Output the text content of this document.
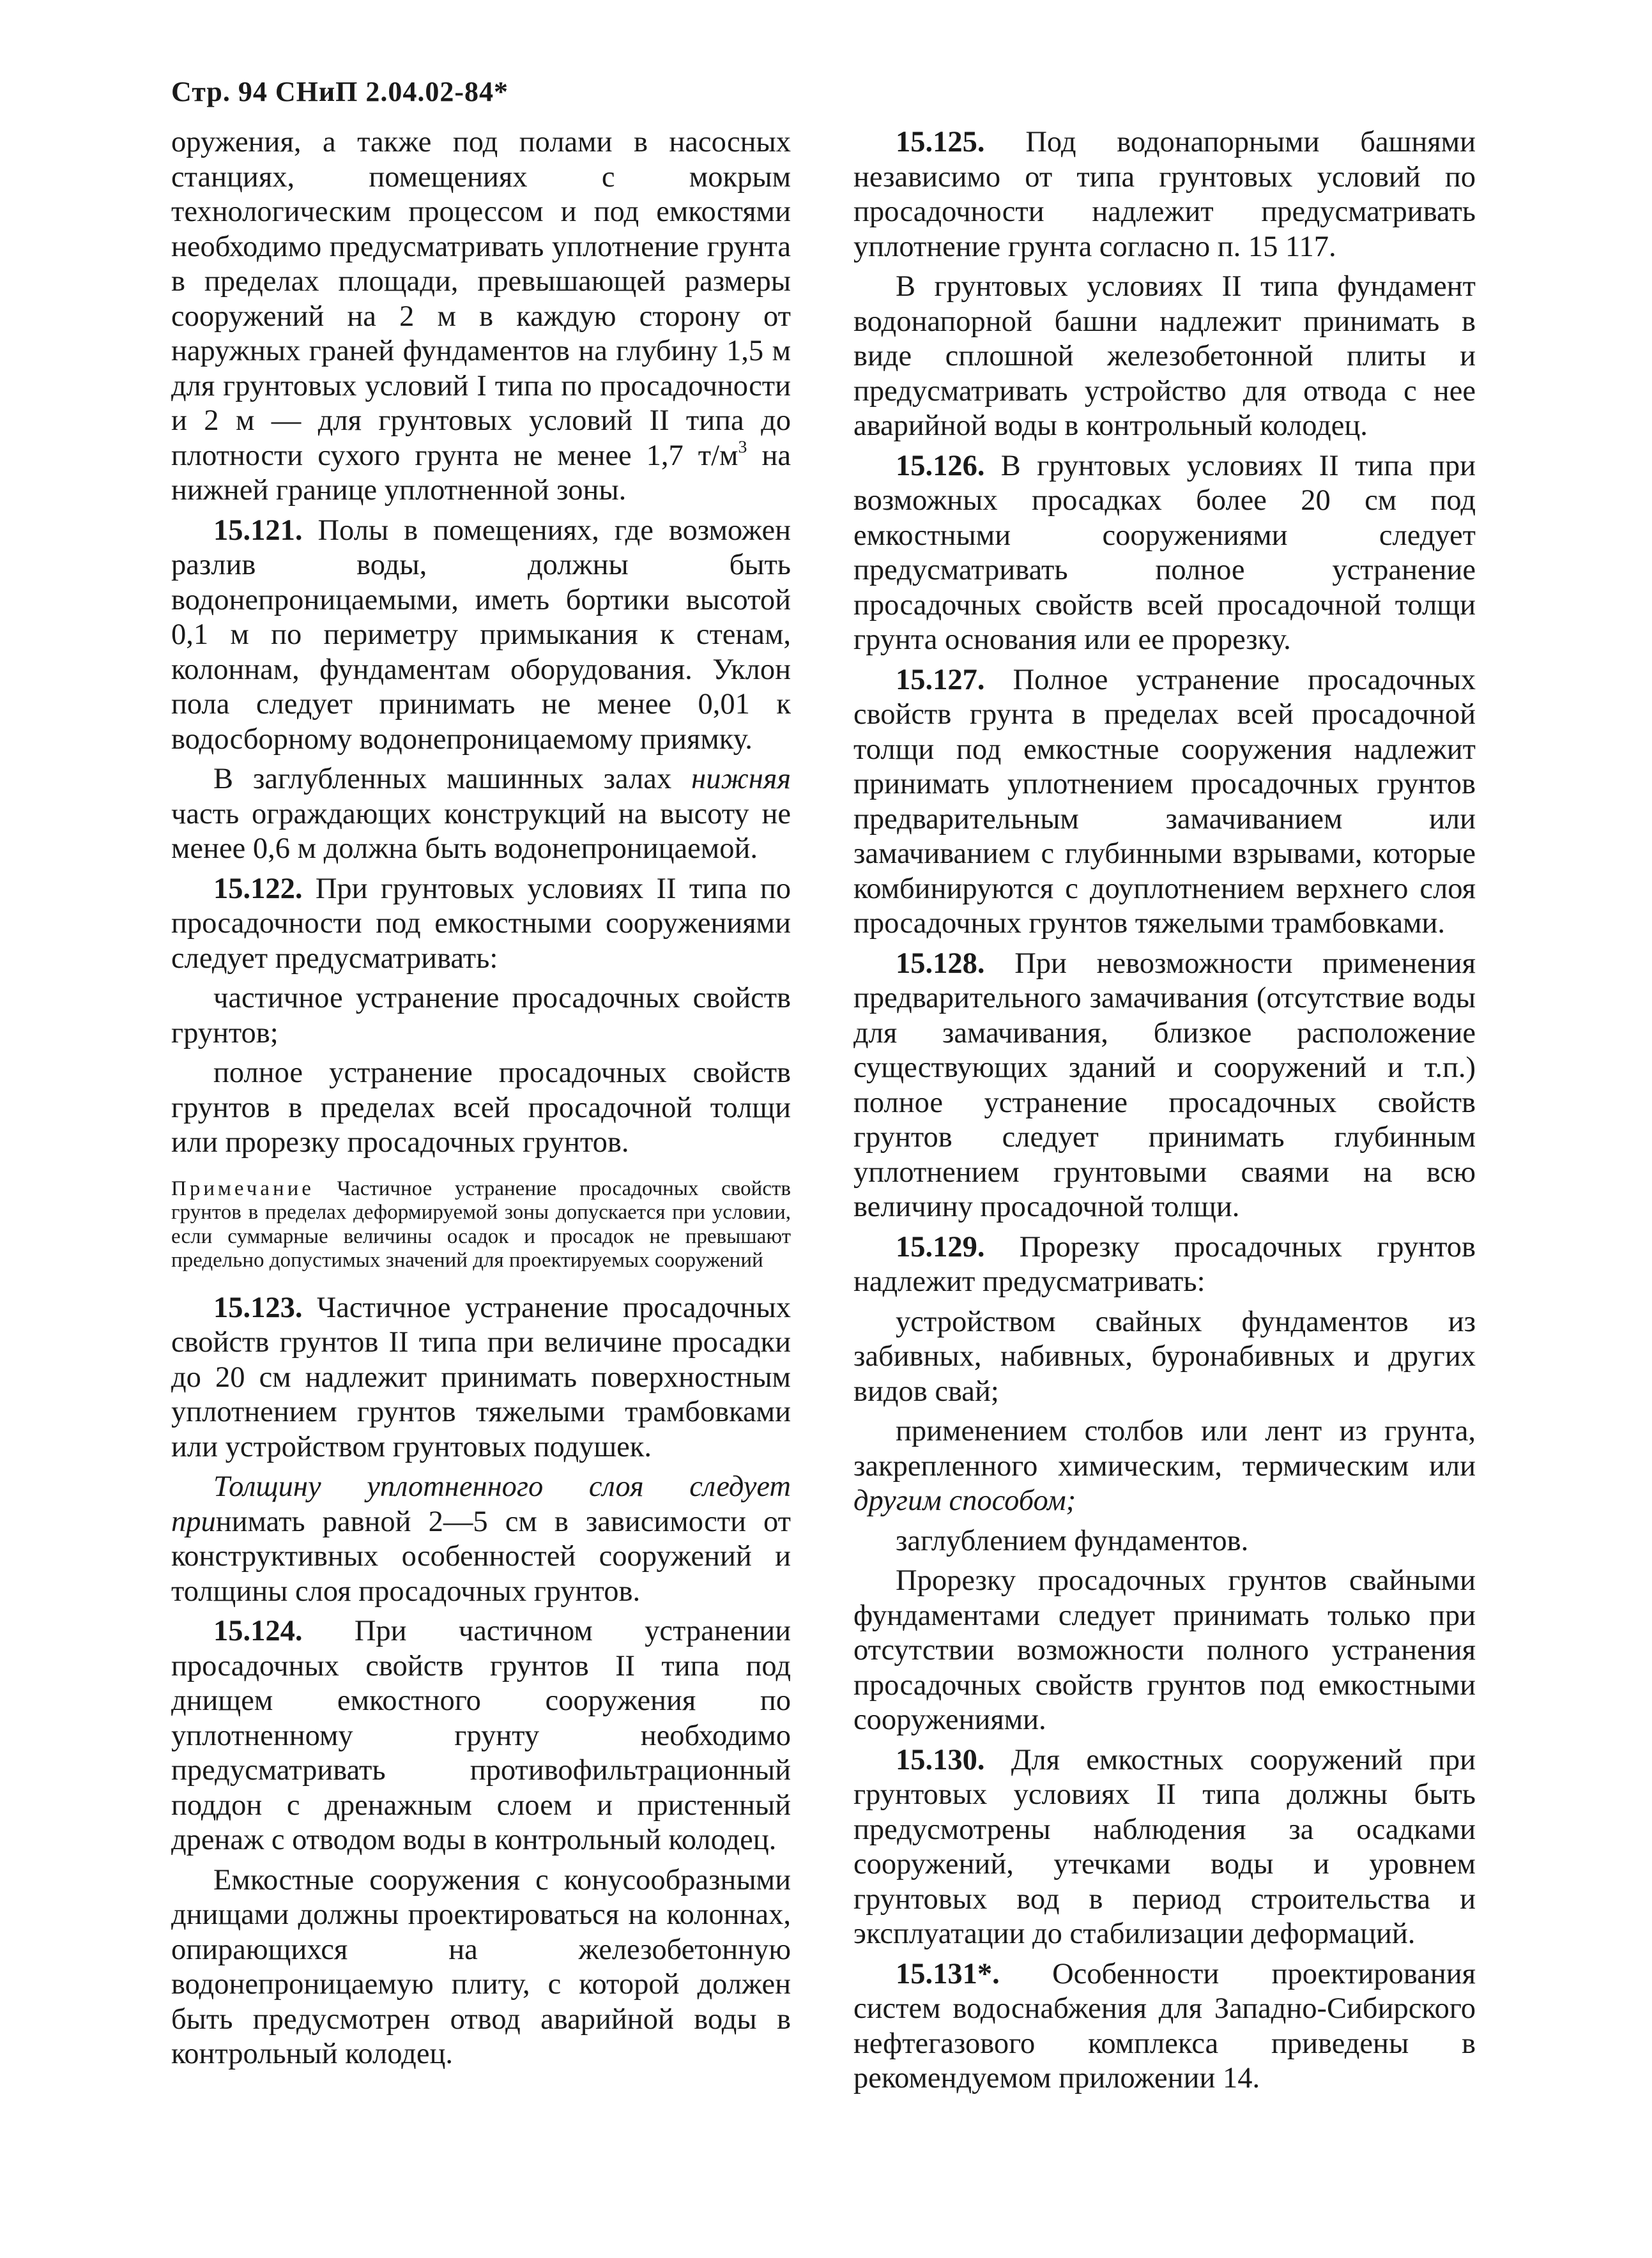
Стр. 94 СНиП 2.04.02-84*

оружения, а также под полами в насосных станциях, помещениях с мокрым технологическим процессом и под емкостями необходимо предусматривать уплотнение грунта в пределах площади, превышающей размеры сооружений на 2 м в каждую сторону от наружных граней фундаментов на глубину 1,5 м для грунтовых условий I типа по просадочности и 2 м — для грунтовых условий II типа до плотности сухого грунта не менее 1,7 $т/м^3$ на нижней границе уплотненной зоны.

15.121. Полы в помещениях, где возможен разлив воды, должны быть водонепроницаемыми, иметь бортики высотой 0,1 м по периметру примыкания к стенам, колоннам, фундаментам оборудования. Уклон пола следует принимать не менее 0,01 к водосборному водонепроницаемому приямку.

В заглубленных машинных залах нижняя часть ограждающих конструкций на высоту не менее 0,6 м должна быть водонепроницаемой.

15.122. При грунтовых условиях II типа по просадочности под емкостными сооружениями следует предусматривать:

частичное устранение просадочных свойств грунтов;

полное устранение просадочных свойств грунтов в пределах всей просадочной толщи или прорезку просадочных грунтов.

Примечание Частичное устранение просадочных свойств грунтов в пределах деформируемой зоны допускается при условии, если суммарные величины осадок и просадок не превышают предельно допустимых значений для проектируемых сооружений

15.123. Частичное устранение просадочных свойств грунтов II типа при величине просадки до 20 см надлежит принимать поверхностным уплотнением грунтов тяжелыми трамбовками или устройством грунтовых подушек.

Толщину уплотненного слоя следует принимать равной 2—5 см в зависимости от конструктивных особенностей сооружений и толщины слоя просадочных грунтов.

15.124. При частичном устранении просадочных свойств грунтов II типа под днищем емкостного сооружения по уплотненному грунту необходимо предусматривать противофильтрационный поддон с дренажным слоем и пристенный дренаж с отводом воды в контрольный колодец.

Емкостные сооружения с конусообразными днищами должны проектироваться на колоннах, опирающихся на железобетонную водонепроницаемую плиту, с которой должен быть предусмотрен отвод аварийной воды в контрольный колодец.

15.125. Под водонапорными башнями независимо от типа грунтовых условий по просадочности надлежит предусматривать уплотнение грунта согласно п. 15 117.

В грунтовых условиях II типа фундамент водонапорной башни надлежит принимать в виде сплошной железобетонной плиты и предусматривать устройство для отвода с нее аварийной воды в контрольный колодец.

15.126. В грунтовых условиях II типа при возможных просадках более 20 см под емкостными сооружениями следует предусматривать полное устранение просадочных свойств всей просадочной толщи грунта основания или ее прорезку.

15.127. Полное устранение просадочных свойств грунта в пределах всей просадочной толщи под емкостные сооружения надлежит принимать уплотнением просадочных грунтов предварительным замачиванием или замачиванием с глубинными взрывами, которые комбинируются с доуплотнением верхнего слоя просадочных грунтов тяжелыми трамбовками.

15.128. При невозможности применения предварительного замачивания (отсутствие воды для замачивания, близкое расположение существующих зданий и сооружений и т.п.) полное устранение просадочных свойств грунтов следует принимать глубинным уплотнением грунтовыми сваями на всю величину просадочной толщи.

15.129. Прорезку просадочных грунтов надлежит предусматривать:

устройством свайных фундаментов из забивных, набивных, буронабивных и других видов свай;

применением столбов или лент из грунта, закрепленного химическим, термическим или другим способом;

заглублением фундаментов.

Прорезку просадочных грунтов свайными фундаментами следует принимать только при отсутствии возможности полного устранения просадочных свойств грунтов под емкостными сооружениями.

15.130. Для емкостных сооружений при грунтовых условиях II типа должны быть предусмотрены наблюдения за осадками сооружений, утечками воды и уровнем грунтовых вод в период строительства и эксплуатации до стабилизации деформаций.

15.131*. Особенности проектирования систем водоснабжения для Западно-Сибирского нефтегазового комплекса приведены в рекомендуемом приложении 14.
